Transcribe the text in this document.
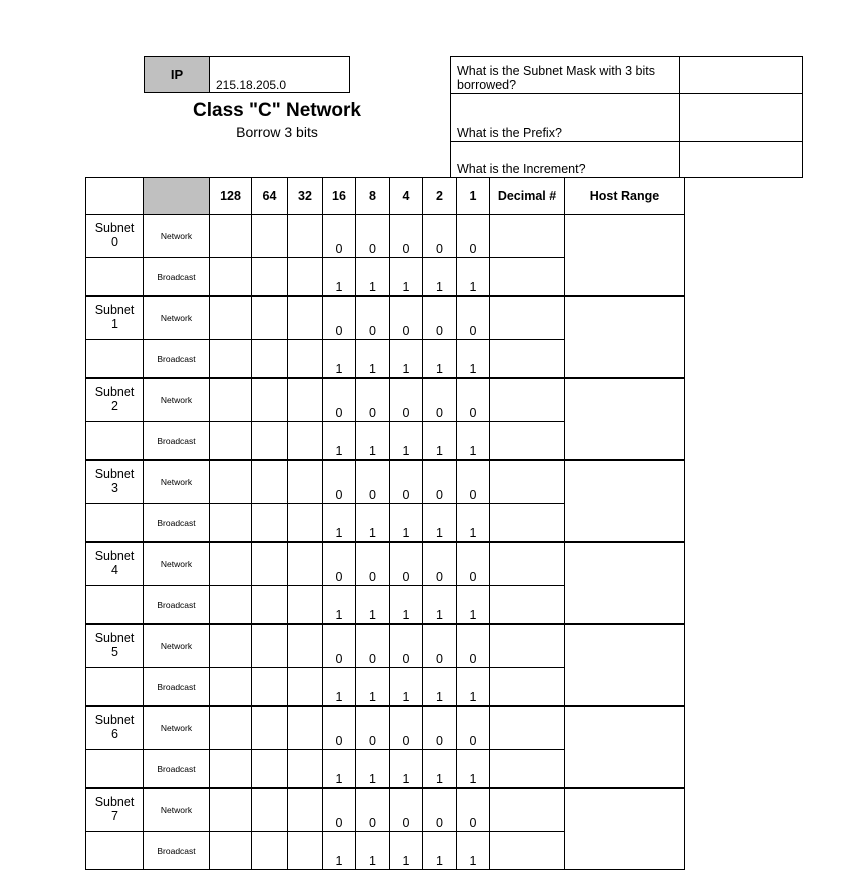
IP
215.18.205.0
Class "C" Network
Borrow 3 bits
What is the Subnet Mask with 3 bits borrowed?	
What is the Prefix?	
What is the Increment?	
		128	64	32	16	8	4	2	1	Decimal #	Host Range
Subnet
0	Network				0	0	0	0	0		
	Broadcast				1	1	1	1	1		
Subnet
1	Network				0	0	0	0	0		
	Broadcast				1	1	1	1	1		
Subnet
2	Network				0	0	0	0	0		
	Broadcast				1	1	1	1	1		
Subnet
3	Network				0	0	0	0	0		
	Broadcast				1	1	1	1	1		
Subnet
4	Network				0	0	0	0	0		
	Broadcast				1	1	1	1	1		
Subnet
5	Network				0	0	0	0	0		
	Broadcast				1	1	1	1	1		
Subnet
6	Network				0	0	0	0	0		
	Broadcast				1	1	1	1	1		
Subnet
7	Network				0	0	0	0	0		
	Broadcast				1	1	1	1	1		
